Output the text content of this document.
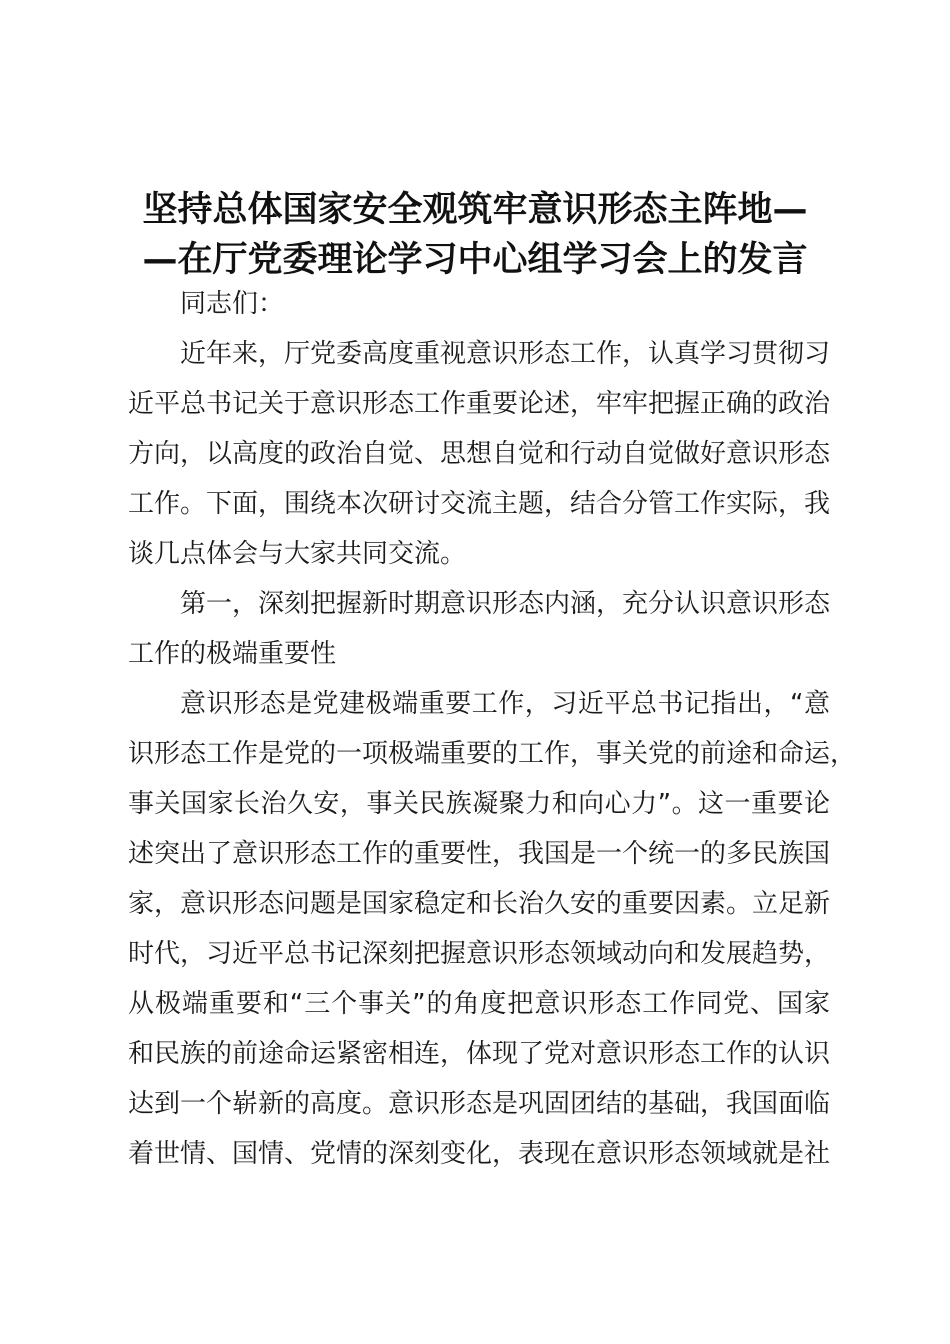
坚持总体国家安全观筑牢意识形态主阵地—
—在厅党委理论学习中心组学习会上的发言
同志们：
近年来，厅党委高度重视意识形态工作，认真学习贯彻习
近平总书记关于意识形态工作重要论述，牢牢把握正确的政治
方向，以高度的政治自觉、思想自觉和行动自觉做好意识形态
工作。下面，围绕本次研讨交流主题，结合分管工作实际，我
谈几点体会与大家共同交流。
第一，深刻把握新时期意识形态内涵，充分认识意识形态
工作的极端重要性
意识形态是党建极端重要工作，习近平总书记指出，“意
识形态工作是党的一项极端重要的工作，事关党的前途和命运，
事关国家长治久安，事关民族凝聚力和向心力”。这一重要论
述突出了意识形态工作的重要性，我国是一个统一的多民族国
家，意识形态问题是国家稳定和长治久安的重要因素。立足新
时代，习近平总书记深刻把握意识形态领域动向和发展趋势，
从极端重要和“三个事关”的角度把意识形态工作同党、国家
和民族的前途命运紧密相连，体现了党对意识形态工作的认识
达到一个崭新的高度。意识形态是巩固团结的基础，我国面临
着世情、国情、党情的深刻变化，表现在意识形态领域就是社
